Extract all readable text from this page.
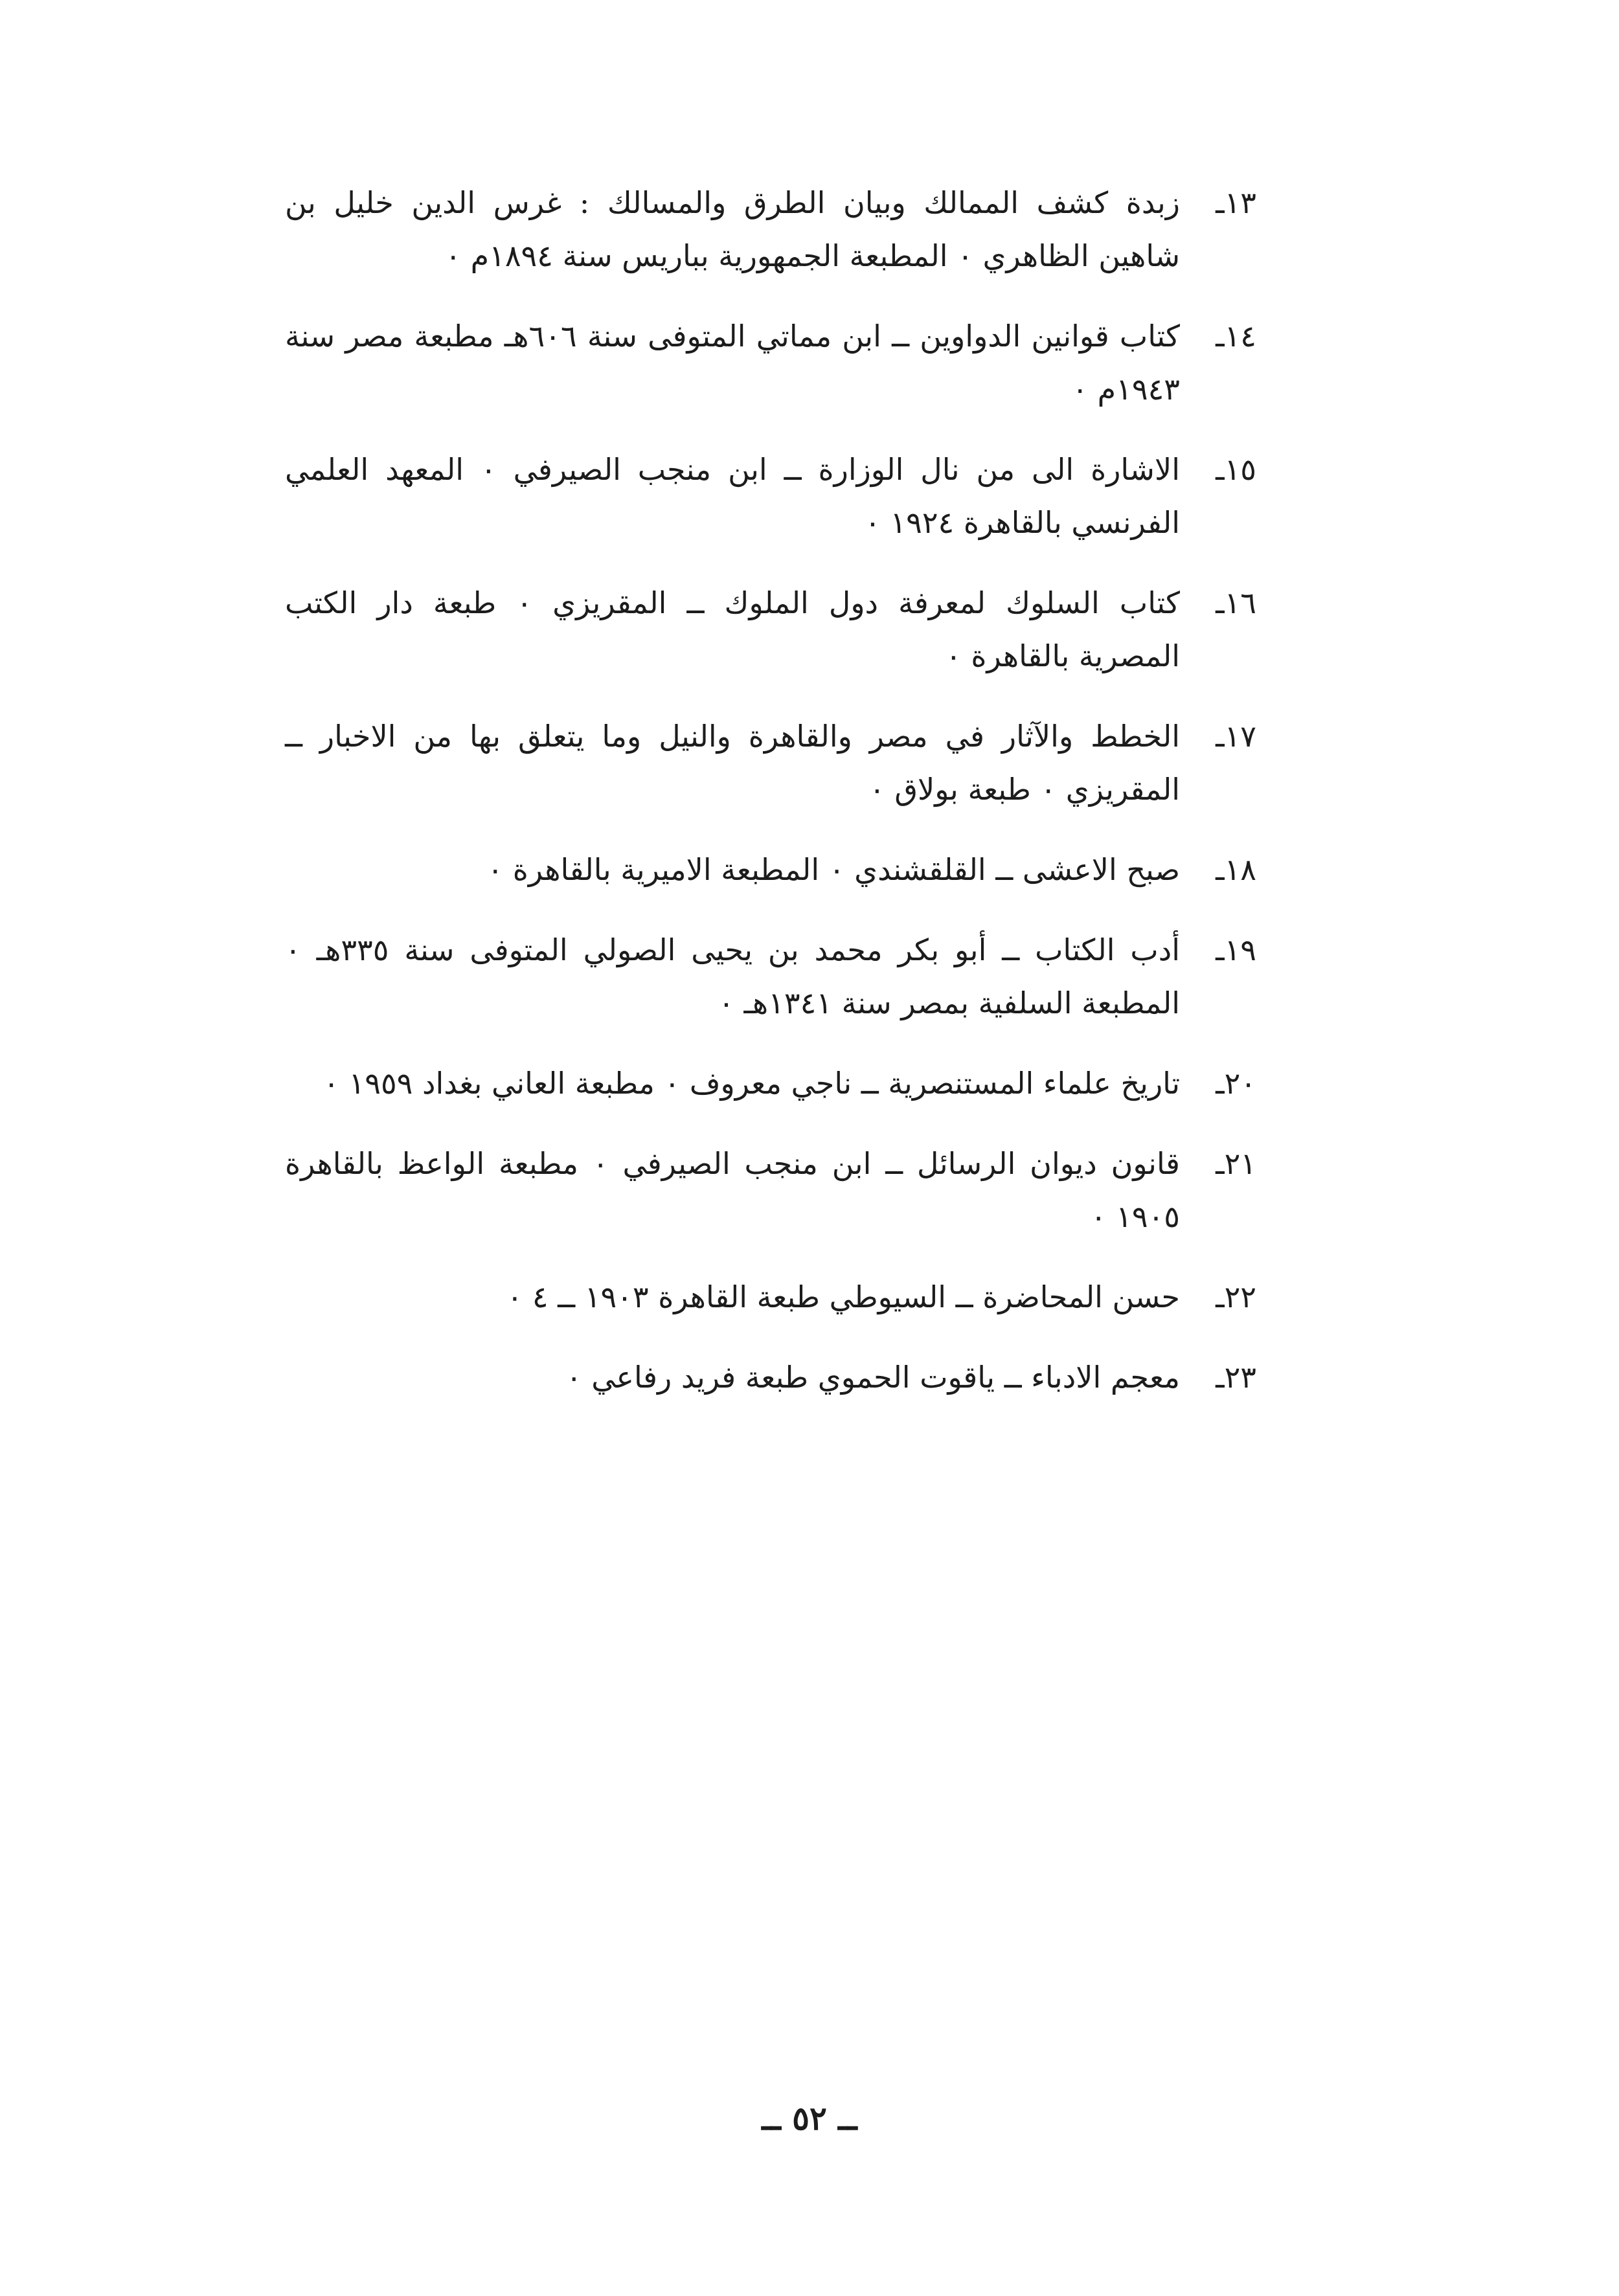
١٣ـ
زبدة كشف الممالك وبيان الطرق والمسالك : غرس الدين خليل بن شاهين الظاهري ٠ المطبعة الجمهورية بباريس سنة ١٨٩٤م ٠
١٤ـ
كتاب قوانين الدواوين ــ ابن مماتي المتوفى سنة ٦٠٦هـ مطبعة مصر سنة ١٩٤٣م ٠
١٥ـ
الاشارة الى من نال الوزارة ــ ابن منجب الصيرفي ٠ المعهد العلمي الفرنسي بالقاهرة ١٩٢٤ ٠
١٦ـ
كتاب السلوك لمعرفة دول الملوك ــ المقريزي ٠ طبعة دار الكتب المصرية بالقاهرة ٠
١٧ـ
الخطط والآثار في مصر والقاهرة والنيل وما يتعلق بها من الاخبار ــ المقريزي ٠ طبعة بولاق ٠
١٨ـ
صبح الاعشى ــ القلقشندي ٠ المطبعة الاميرية بالقاهرة ٠
١٩ـ
أدب الكتاب ــ أبو بكر محمد بن يحيى الصولي المتوفى سنة ٣٣٥هـ ٠ المطبعة السلفية بمصر سنة ١٣٤١هـ ٠
٢٠ـ
تاريخ علماء المستنصرية ــ ناجي معروف ٠ مطبعة العاني بغداد ١٩٥٩ ٠
٢١ـ
قانون ديوان الرسائل ــ ابن منجب الصيرفي ٠ مطبعة الواعظ بالقاهرة ١٩٠٥ ٠
٢٢ـ
حسن المحاضرة ــ السيوطي طبعة القاهرة ١٩٠٣ ــ ٤ ٠
٢٣ـ
معجم الادباء ــ ياقوت الحموي طبعة فريد رفاعي ٠
ــ ٥٢ ــ
